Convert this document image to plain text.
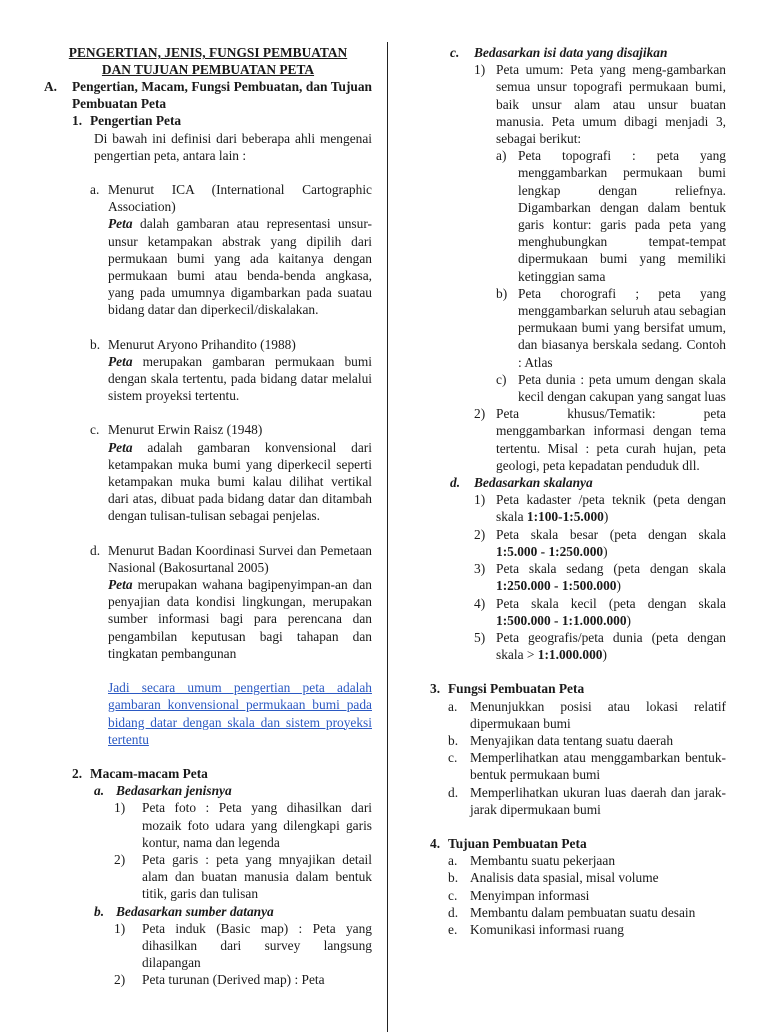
PENGERTIAN, JENIS, FUNGSI PEMBUATAN
DAN TUJUAN PEMBUATAN PETA
A.	Pengertian, Macam, Fungsi Pembuatan, dan Tujuan Pembuatan Peta
1. Pengertian Peta
Di bawah ini definisi dari beberapa ahli mengenai pengertian peta, antara lain :
a. Menurut ICA (International Cartographic Association)
Peta dalah gambaran atau representasi unsur-unsur ketampakan abstrak yang dipilih dari permukaan bumi yang ada kaitanya dengan permukaan bumi atau benda-benda angkasa, yang pada umumnya digambarkan pada suatau bidang datar dan diperkecil/diskalakan.
b. Menurut Aryono Prihandito (1988)
Peta merupakan gambaran permukaan bumi dengan skala tertentu, pada bidang datar melalui sistem proyeksi tertentu.
c. Menurut Erwin Raisz (1948)
Peta adalah gambaran konvensional dari ketampakan muka bumi yang diperkecil seperti ketampakan muka bumi kalau dilihat vertikal dari atas, dibuat pada bidang datar dan ditambah dengan tulisan-tulisan sebagai penjelas.
d. Menurut Badan Koordinasi Survei dan Pemetaan Nasional (Bakosurtanal 2005)
Peta merupakan wahana bagipenyimpan-an dan penyajian data kondisi lingkungan, merupakan sumber informasi bagi para perencana dan pengambilan keputusan bagi tahapan dan tingkatan pembangunan
Jadi secara umum pengertian peta adalah gambaran konvensional permukaan bumi pada bidang datar dengan skala dan sistem proyeksi tertentu
2. Macam-macam Peta
a. Bedasarkan jenisnya
1)	Peta foto : Peta yang dihasilkan dari mozaik foto udara yang dilengkapi garis kontur, nama dan legenda
2)	Peta garis : peta yang mnyajikan detail alam dan buatan manusia dalam bentuk titik, garis dan tulisan
b. Bedasarkan sumber datanya
1)	Peta induk (Basic map) : Peta yang dihasilkan dari survey langsung dilapangan
2)	Peta turunan (Derived map) : Peta
c.	Bedasarkan isi data yang disajikan
1) Peta umum: Peta yang meng-gambarkan semua unsur topografi permukaan bumi, baik unsur alam atau unsur buatan manusia. Peta umum dibagi menjadi 3, sebagai berikut:
a) Peta topografi : peta yang menggambarkan permukaan bumi lengkap dengan reliefnya. Digambarkan dengan dalam bentuk garis kontur: garis pada peta yang menghubungkan tempat-tempat dipermukaan bumi yang memiliki ketinggian sama
b) Peta chorografi ; peta yang menggambarkan seluruh atau sebagian permukaan bumi yang bersifat umum, dan biasanya berskala sedang. Contoh : Atlas
c) Peta dunia : peta umum dengan skala kecil dengan cakupan yang sangat luas
2) Peta khusus/Tematik: peta menggambarkan informasi dengan tema tertentu. Misal : peta curah hujan, peta geologi, peta kepadatan penduduk dll.
d.	Bedasarkan skalanya
1) Peta kadaster /peta teknik (peta dengan skala 1:100-1:5.000)
2) Peta skala besar (peta dengan skala 1:5.000 - 1:250.000)
3) Peta skala sedang (peta dengan skala 1:250.000 - 1:500.000)
4) Peta skala kecil (peta dengan skala 1:500.000 - 1:1.000.000)
5) Peta geografis/peta dunia (peta dengan skala > 1:1.000.000)
3. Fungsi Pembuatan Peta
a. Menunjukkan posisi atau lokasi relatif dipermukaan bumi
b. Menyajikan data tentang suatu daerah
c. Memperlihatkan atau menggambarkan bentuk-bentuk permukaan bumi
d. Memperlihatkan ukuran luas daerah dan jarak-jarak dipermukaan bumi
4. Tujuan Pembuatan Peta
a. Membantu suatu pekerjaan
b. Analisis data spasial, misal volume
c. Menyimpan informasi
d. Membantu dalam pembuatan suatu desain
e. Komunikasi informasi ruang
